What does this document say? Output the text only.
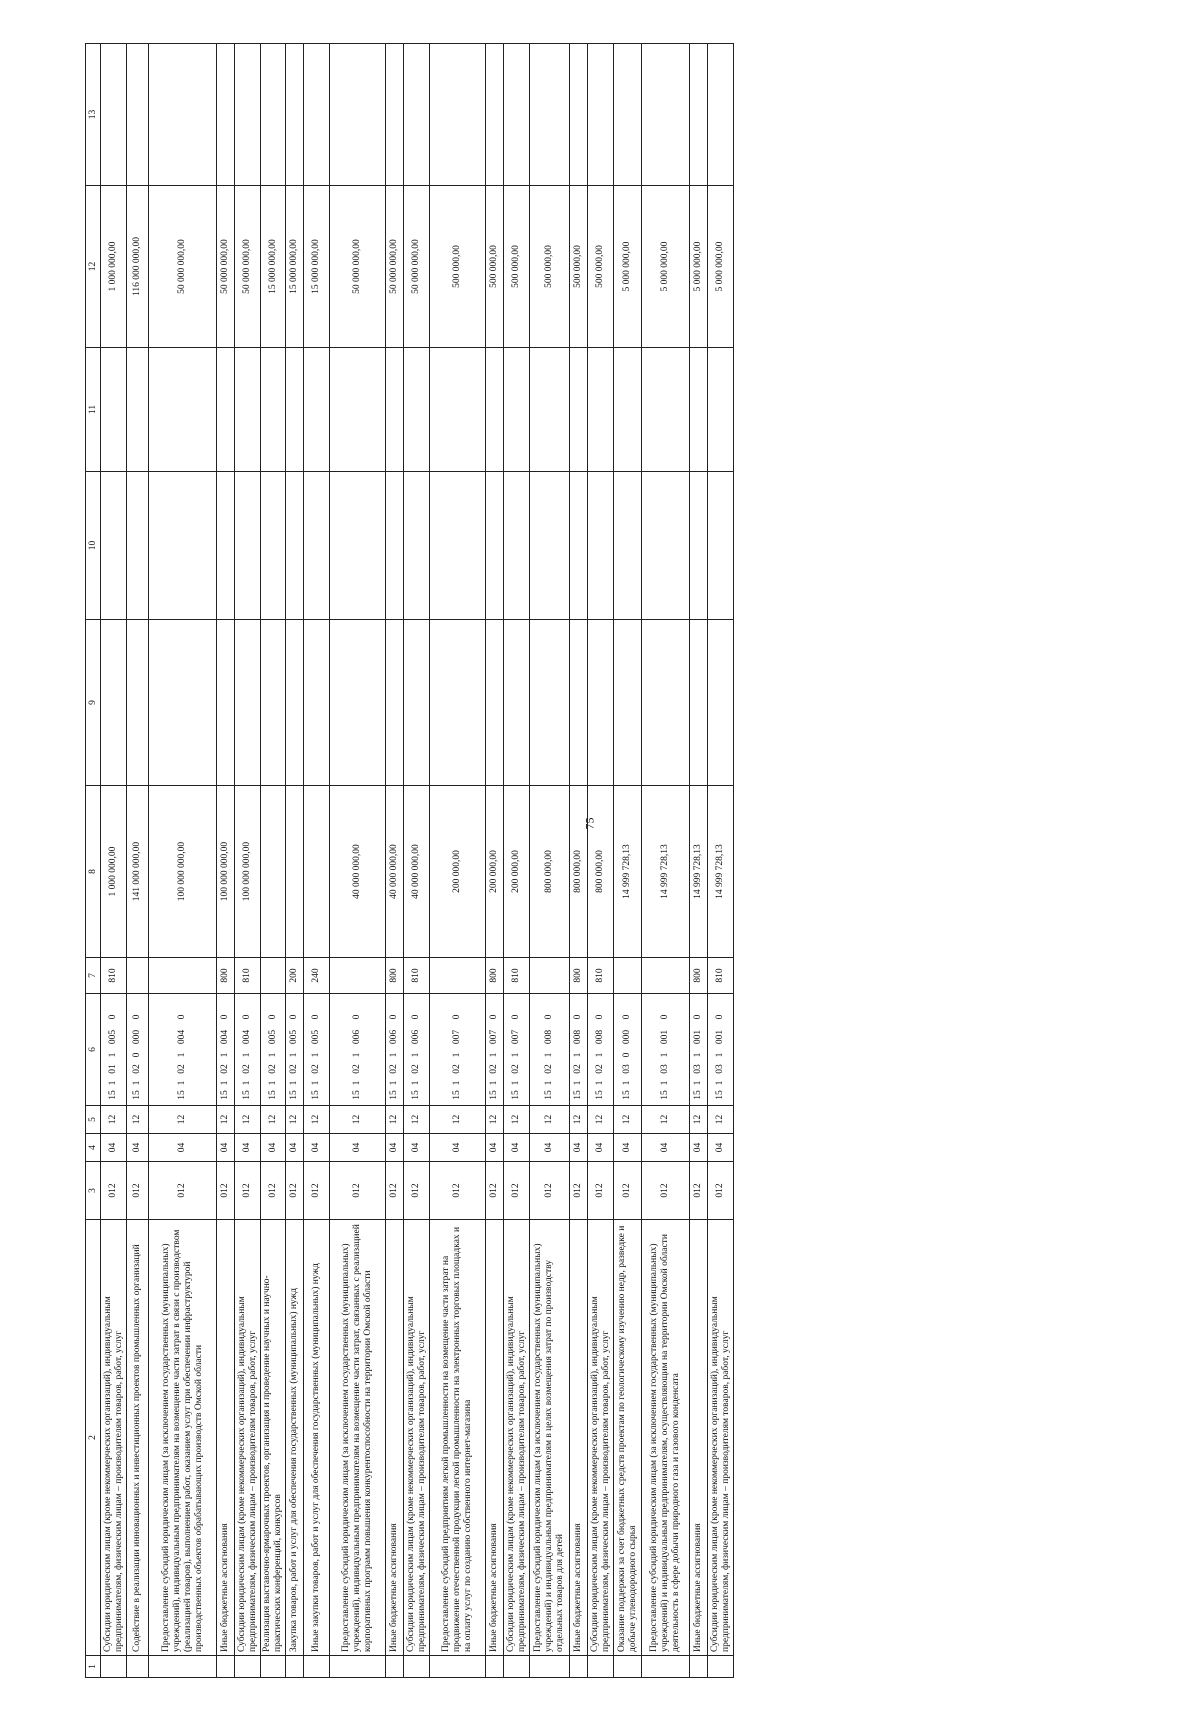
75
1	2	3	4	5	6	7	8	9	10	11	12	13
	Субсидии юридическим лицам (кроме некоммерческих организаций), индивидуальным предпринимателям, физическим лицам – производителям товаров, работ, услуг	012	04	12	1510110050	810	1 000 000,00				1 000 000,00	
	Содействие в реализации инновационных и инвестиционных проектов промышленных организаций	012	04	12	1510200000		141 000 000,00				116 000 000,00	
	Предоставление субсидий юридическим лицам (за исключением государственных (муниципальных) учреждений), индивидуальным предпринимателям на возмещение части затрат в связи с производством (реализацией товаров), выполнением работ, оказанием услуг при обеспечении инфраструктурой производственных объектов обрабатывающих производств Омской области	012	04	12	1510210040		100 000 000,00				50 000 000,00	
	Иные бюджетные ассигнования	012	04	12	1510210040	800	100 000 000,00				50 000 000,00	
	Субсидии юридическим лицам (кроме некоммерческих организаций), индивидуальным предпринимателям, физическим лицам – производителям товаров, работ, услуг	012	04	12	1510210040	810	100 000 000,00				50 000 000,00	
	Реализация выставочно-ярмарочных проектов, организация и проведение научных и научно-практических конференций, конкурсов	012	04	12	1510210050						15 000 000,00	
	Закупка товаров, работ и услуг для обеспечения государственных (муниципальных) нужд	012	04	12	1510210050	200					15 000 000,00	
	Иные закупки товаров, работ и услуг для обеспечения государственных (муниципальных) нужд	012	04	12	1510210050	240					15 000 000,00	
	Предоставление субсидий юридическим лицам (за исключением государственных (муниципальных) учреждений), индивидуальным предпринимателям на возмещение части затрат, связанных с реализацией корпоративных программ повышения конкурентоспособности на территории Омской области	012	04	12	1510210060		40 000 000,00				50 000 000,00	
	Иные бюджетные ассигнования	012	04	12	1510210060	800	40 000 000,00				50 000 000,00	
	Субсидии юридическим лицам (кроме некоммерческих организаций), индивидуальным предпринимателям, физическим лицам – производителям товаров, работ, услуг	012	04	12	1510210060	810	40 000 000,00				50 000 000,00	
	Предоставление субсидий предприятиям легкой промышленности на возмещение части затрат на продвижение отечественной продукции легкой промышленности на электронных торговых площадках и на оплату услуг по созданию собственного интернет-магазина	012	04	12	1510210070		200 000,00				500 000,00	
	Иные бюджетные ассигнования	012	04	12	1510210070	800	200 000,00				500 000,00	
	Субсидии юридическим лицам (кроме некоммерческих организаций), индивидуальным предпринимателям, физическим лицам – производителям товаров, работ, услуг	012	04	12	1510210070	810	200 000,00				500 000,00	
	Предоставление субсидий юридическим лицам (за исключением государственных (муниципальных) учреждений) и индивидуальным предпринимателям в целях возмещения затрат по производству отдельных товаров для детей	012	04	12	1510210080		800 000,00				500 000,00	
	Иные бюджетные ассигнования	012	04	12	1510210080	800	800 000,00				500 000,00	
	Субсидии юридическим лицам (кроме некоммерческих организаций), индивидуальным предпринимателям, физическим лицам – производителям товаров, работ, услуг	012	04	12	1510210080	810	800 000,00				500 000,00	
	Оказание поддержки за счет бюджетных средств проектам по геологическому изучению недр, разведке и добыче углеводородного сырья	012	04	12	1510300000		14 999 728,13				5 000 000,00	
	Предоставление субсидий юридическим лицам (за исключением государственных (муниципальных) учреждений) и индивидуальным предпринимателям, осуществляющим на территории Омской области деятельность в сфере добычи природного газа и газового конденсата	012	04	12	1510310010		14 999 728,13				5 000 000,00	
	Иные бюджетные ассигнования	012	04	12	1510310010	800	14 999 728,13				5 000 000,00	
	Субсидии юридическим лицам (кроме некоммерческих организаций), индивидуальным предпринимателям, физическим лицам – производителям товаров, работ, услуг	012	04	12	1510310010	810	14 999 728,13				5 000 000,00	
